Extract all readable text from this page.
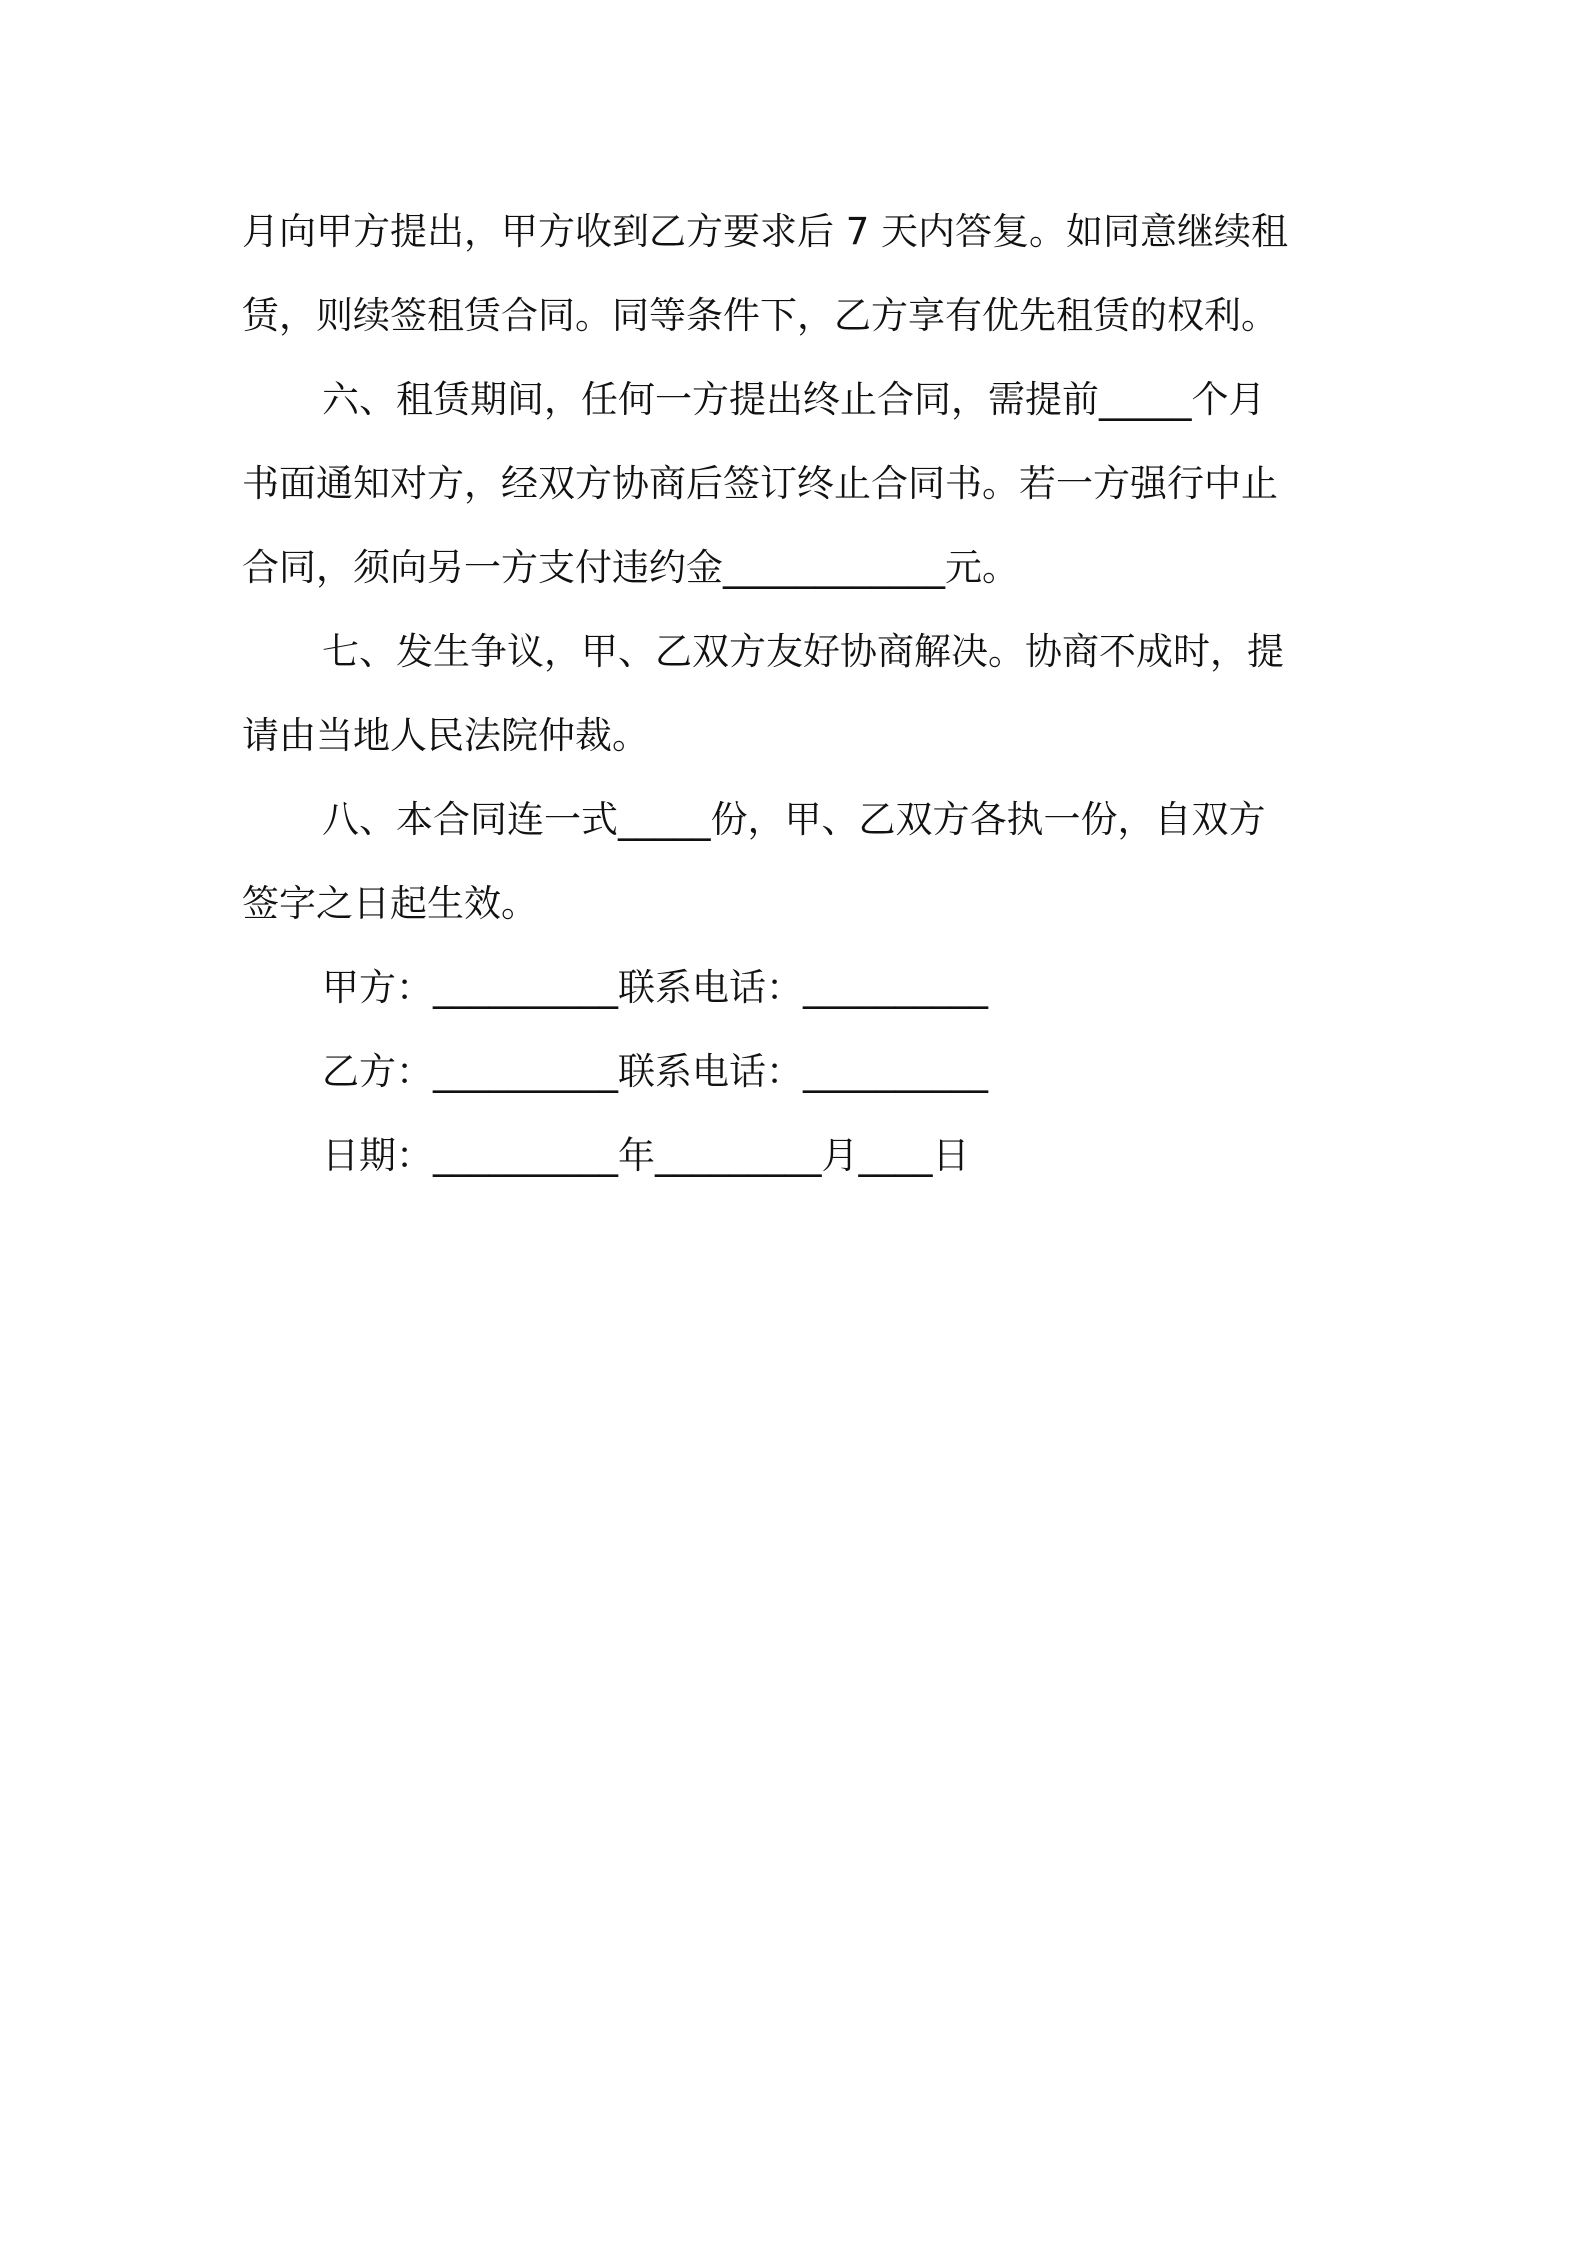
月向甲方提出，甲方收到乙方要求后 7 天内答复。如同意继续租
赁，则续签租赁合同。同等条件下，乙方享有优先租赁的权利。
六、租赁期间，任何一方提出终止合同，需提前_____个月
书面通知对方，经双方协商后签订终止合同书。若一方强行中止
合同，须向另一方支付违约金____________元。
七、发生争议，甲、乙双方友好协商解决。协商不成时，提
请由当地人民法院仲裁。
八、本合同连一式_____份，甲、乙双方各执一份，自双方
签字之日起生效。
甲方：__________联系电话：__________
乙方：__________联系电话：__________
日期：__________年_________月____日
